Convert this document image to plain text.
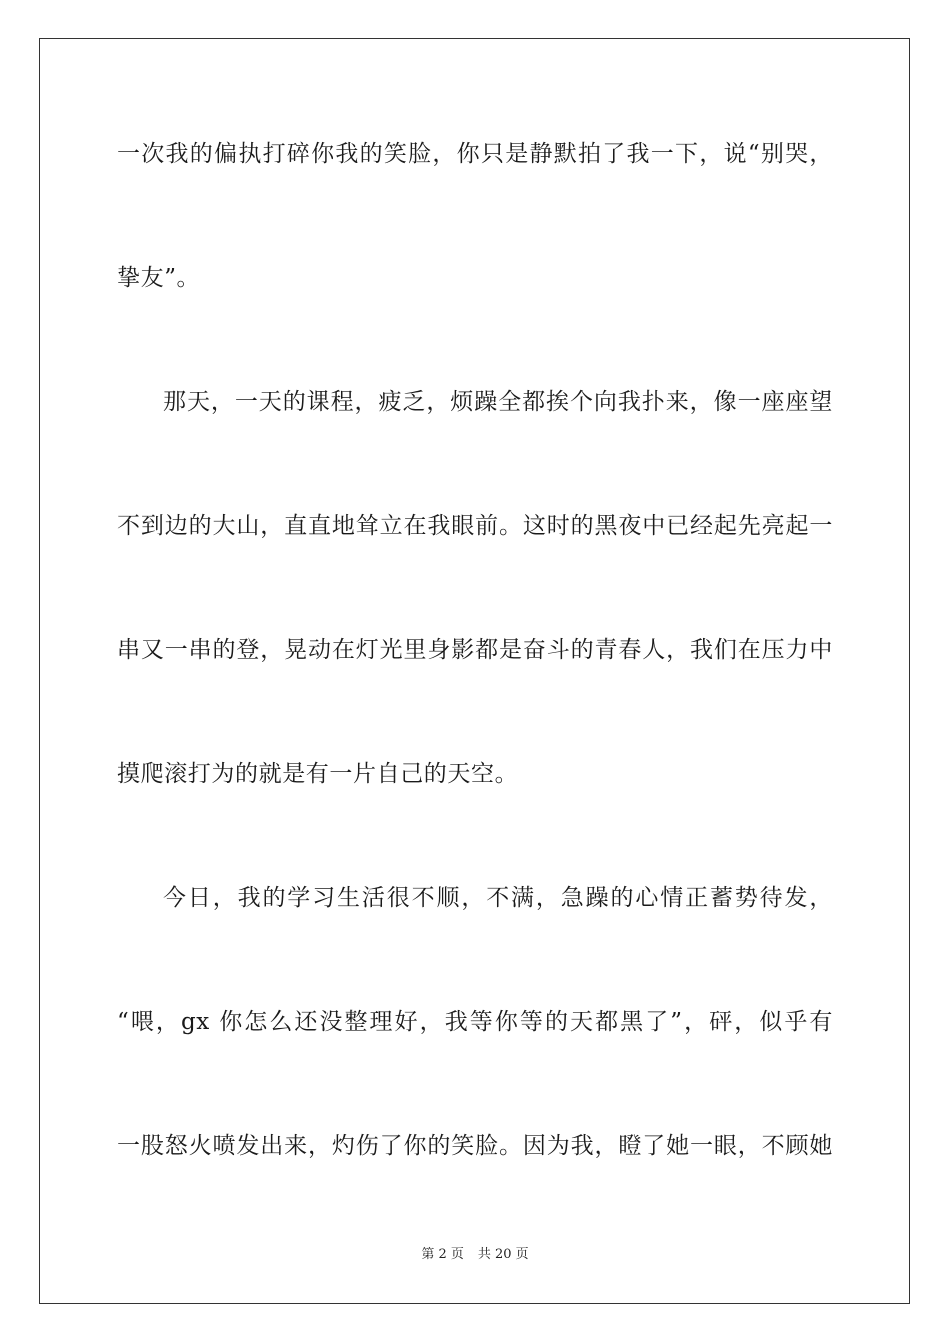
一次我的偏执打碎你我的笑脸，你只是静默拍了我一下，说“别哭，
挚友”。
那天，一天的课程，疲乏，烦躁全都挨个向我扑来，像一座座望
不到边的大山，直直地耸立在我眼前。这时的黑夜中已经起先亮起一
串又一串的登，晃动在灯光里身影都是奋斗的青春人，我们在压力中
摸爬滚打为的就是有一片自己的天空。
今日，我的学习生活很不顺，不满，急躁的心情正蓄势待发，
“喂，gx 你怎么还没整理好，我等你等的天都黑了”，砰，似乎有
一股怒火喷发出来，灼伤了你的笑脸。因为我，瞪了她一眼，不顾她
第 2 页 共 20 页
